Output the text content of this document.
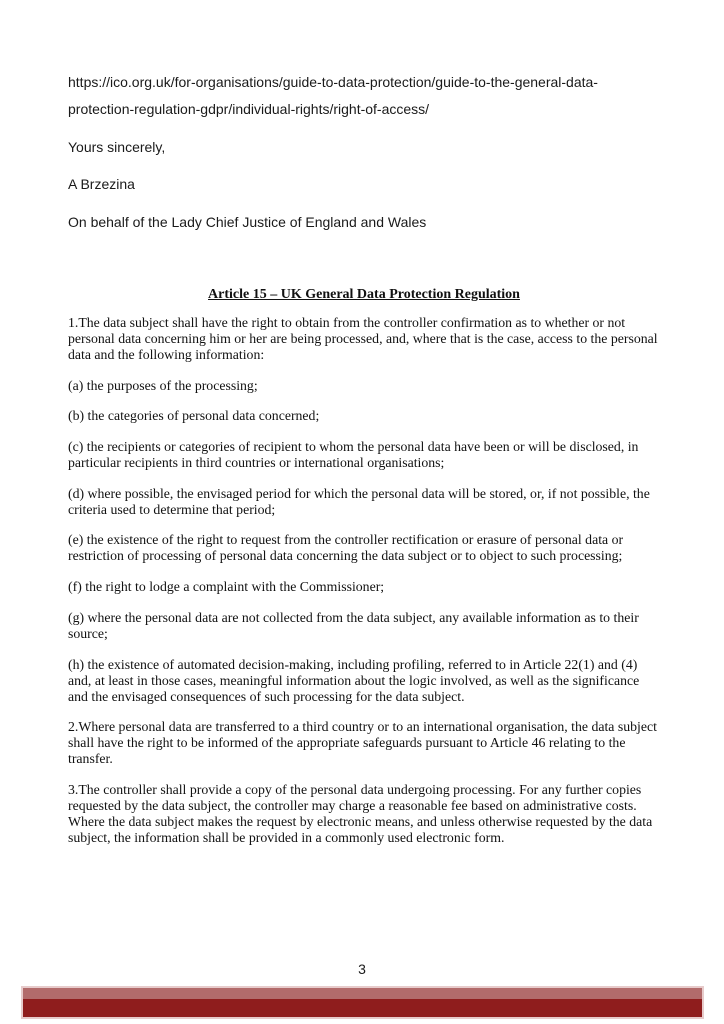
https://ico.org.uk/for-organisations/guide-to-data-protection/guide-to-the-general-data-
protection-regulation-gdpr/individual-rights/right-of-access/

Yours sincerely,

A Brzezina

On behalf of the Lady Chief Justice of England and Wales

Article 15 – UK General Data Protection Regulation

1.The data subject shall have the right to obtain from the controller confirmation as to whether or not personal data concerning him or her are being processed, and, where that is the case, access to the personal data and the following information:

(a) the purposes of the processing;

(b) the categories of personal data concerned;

(c) the recipients or categories of recipient to whom the personal data have been or will be disclosed, in particular recipients in third countries or international organisations;

(d) where possible, the envisaged period for which the personal data will be stored, or, if not possible, the criteria used to determine that period;

(e) the existence of the right to request from the controller rectification or erasure of personal data or restriction of processing of personal data concerning the data subject or to object to such processing;

(f) the right to lodge a complaint with the Commissioner;

(g) where the personal data are not collected from the data subject, any available information as to their source;

(h) the existence of automated decision-making, including profiling, referred to in Article 22(1) and (4) and, at least in those cases, meaningful information about the logic involved, as well as the significance and the envisaged consequences of such processing for the data subject.

2.Where personal data are transferred to a third country or to an international organisation, the data subject shall have the right to be informed of the appropriate safeguards pursuant to Article 46 relating to the transfer.

3.The controller shall provide a copy of the personal data undergoing processing. For any further copies requested by the data subject, the controller may charge a reasonable fee based on administrative costs. Where the data subject makes the request by electronic means, and unless otherwise requested by the data subject, the information shall be provided in a commonly used electronic form.

3
